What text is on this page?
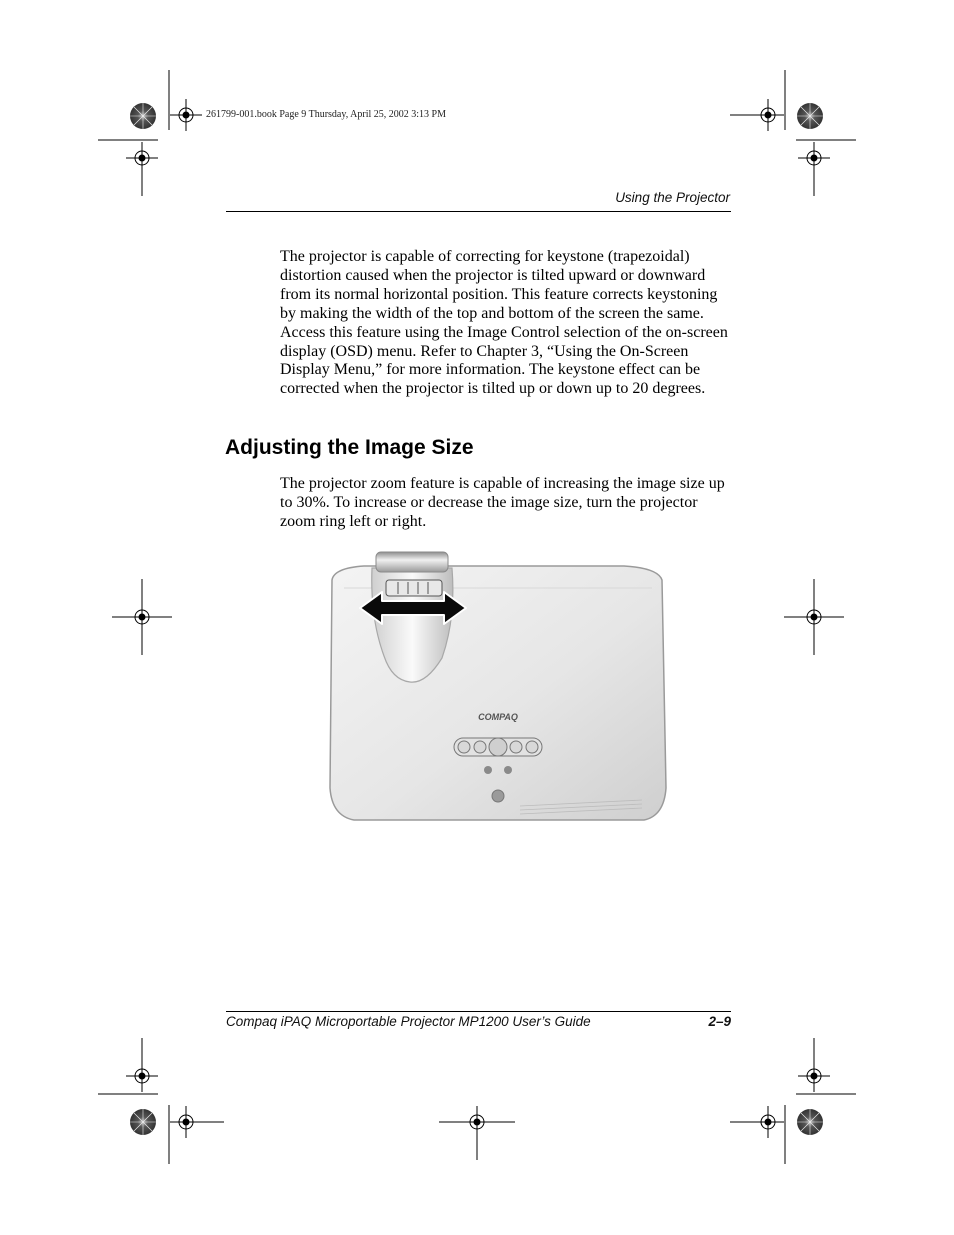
261799-001.book Page 9 Thursday, April 25, 2002 3:13 PM
Using the Projector

The projector is capable of correcting for keystone (trapezoidal) distortion caused when the projector is tilted upward or downward from its normal horizontal position. This feature corrects keystoning by making the width of the top and bottom of the screen the same. Access this feature using the Image Control selection of the on-screen display (OSD) menu. Refer to Chapter 3, “Using the On-Screen Display Menu,” for more information. The keystone effect can be corrected when the projector is tilted up or down up to 20 degrees.

Adjusting the Image Size

The projector zoom feature is capable of increasing the image size up to 30%. To increase or decrease the image size, turn the projector zoom ring left or right.

COMPAQ
Compaq iPAQ Microportable Projector MP1200 User’s Guide	2–9
